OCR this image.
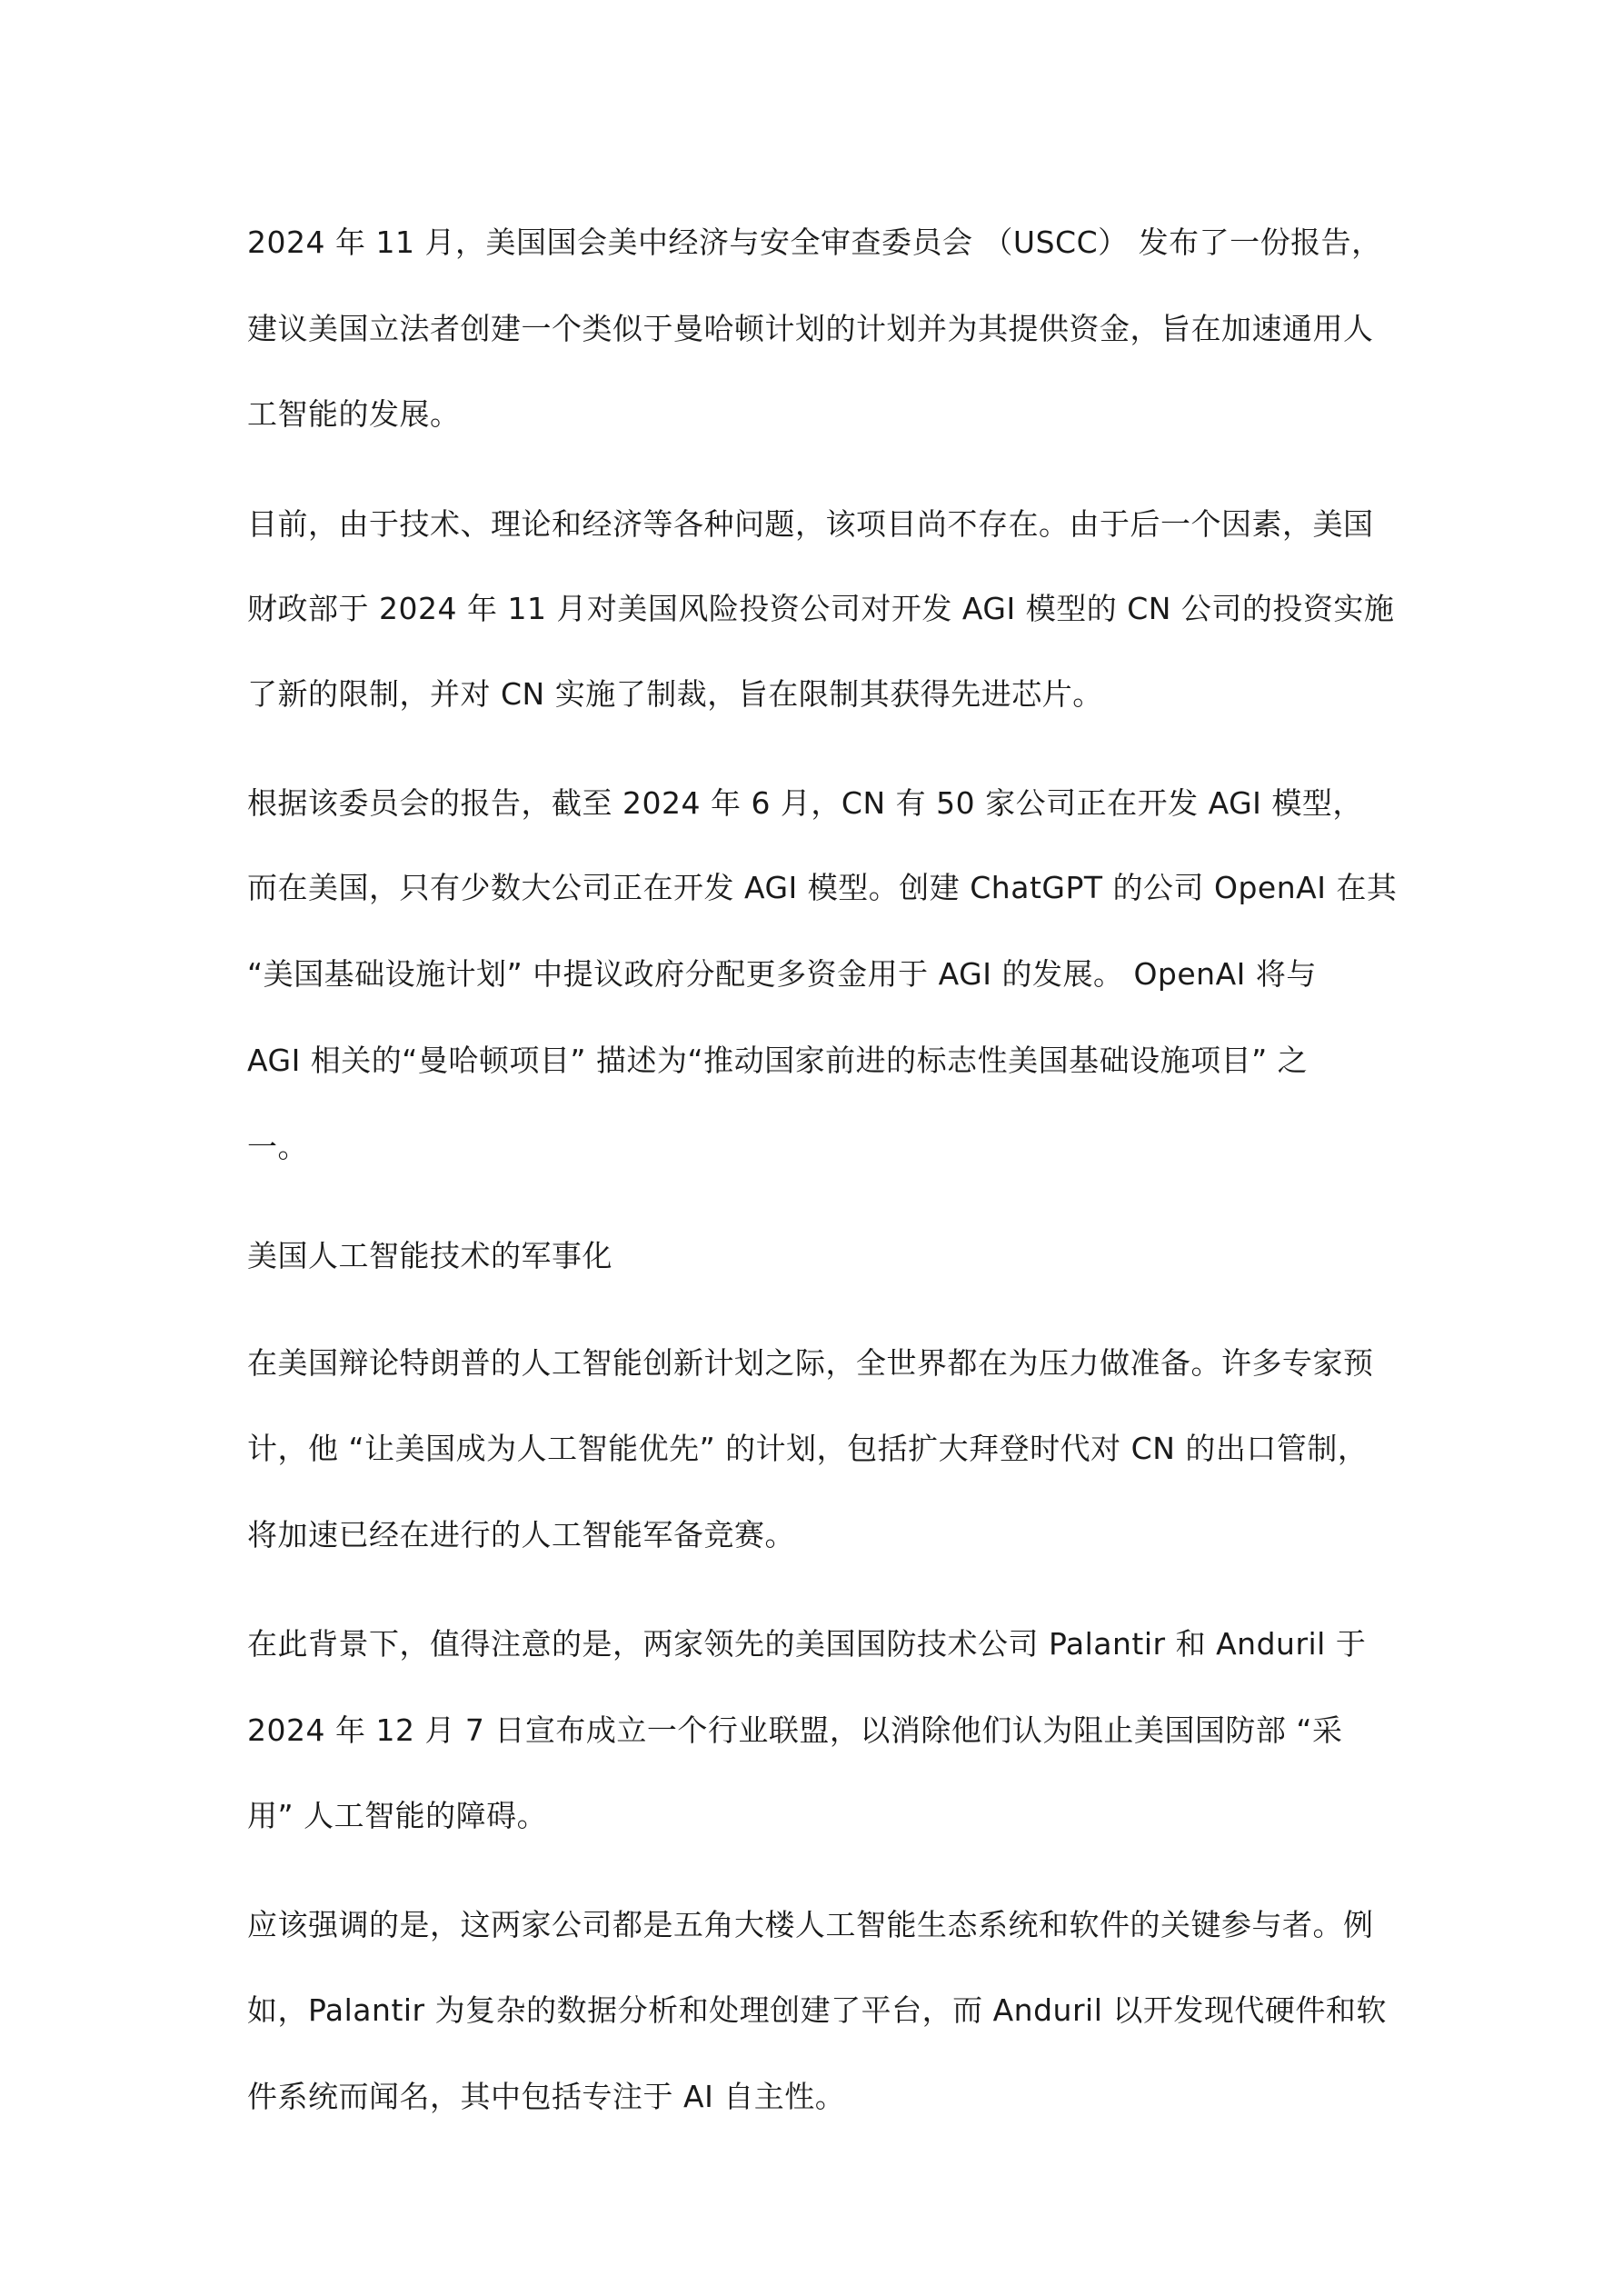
2024 年 11 月，美国国会美中经济与安全审查委员会 （USCC） 发布了一份报告，
建议美国立法者创建一个类似于曼哈顿计划的计划并为其提供资金，旨在加速通用人
工智能的发展。
目前，由于技术、理论和经济等各种问题，该项目尚不存在。由于后一个因素，美国
财政部于 2024 年 11 月对美国风险投资公司对开发 AGI 模型的 CN 公司的投资实施
了新的限制，并对 CN 实施了制裁，旨在限制其获得先进芯片。
根据该委员会的报告，截至 2024 年 6 月，CN 有 50 家公司正在开发 AGI 模型，
而在美国，只有少数大公司正在开发 AGI 模型。创建 ChatGPT 的公司 OpenAI 在其
“美国基础设施计划” 中提议政府分配更多资金用于 AGI 的发展。 OpenAI 将与
AGI 相关的“曼哈顿项目” 描述为“推动国家前进的标志性美国基础设施项目” 之
一。
美国人工智能技术的军事化
在美国辩论特朗普的人工智能创新计划之际，全世界都在为压力做准备。许多专家预
计，他 “让美国成为人工智能优先” 的计划，包括扩大拜登时代对 CN 的出口管制，
将加速已经在进行的人工智能军备竞赛。
在此背景下，值得注意的是，两家领先的美国国防技术公司 Palantir 和 Anduril 于
2024 年 12 月 7 日宣布成立一个行业联盟，以消除他们认为阻止美国国防部 “采
用” 人工智能的障碍。
应该强调的是，这两家公司都是五角大楼人工智能生态系统和软件的关键参与者。例
如，Palantir 为复杂的数据分析和处理创建了平台，而 Anduril 以开发现代硬件和软
件系统而闻名，其中包括专注于 AI 自主性。
